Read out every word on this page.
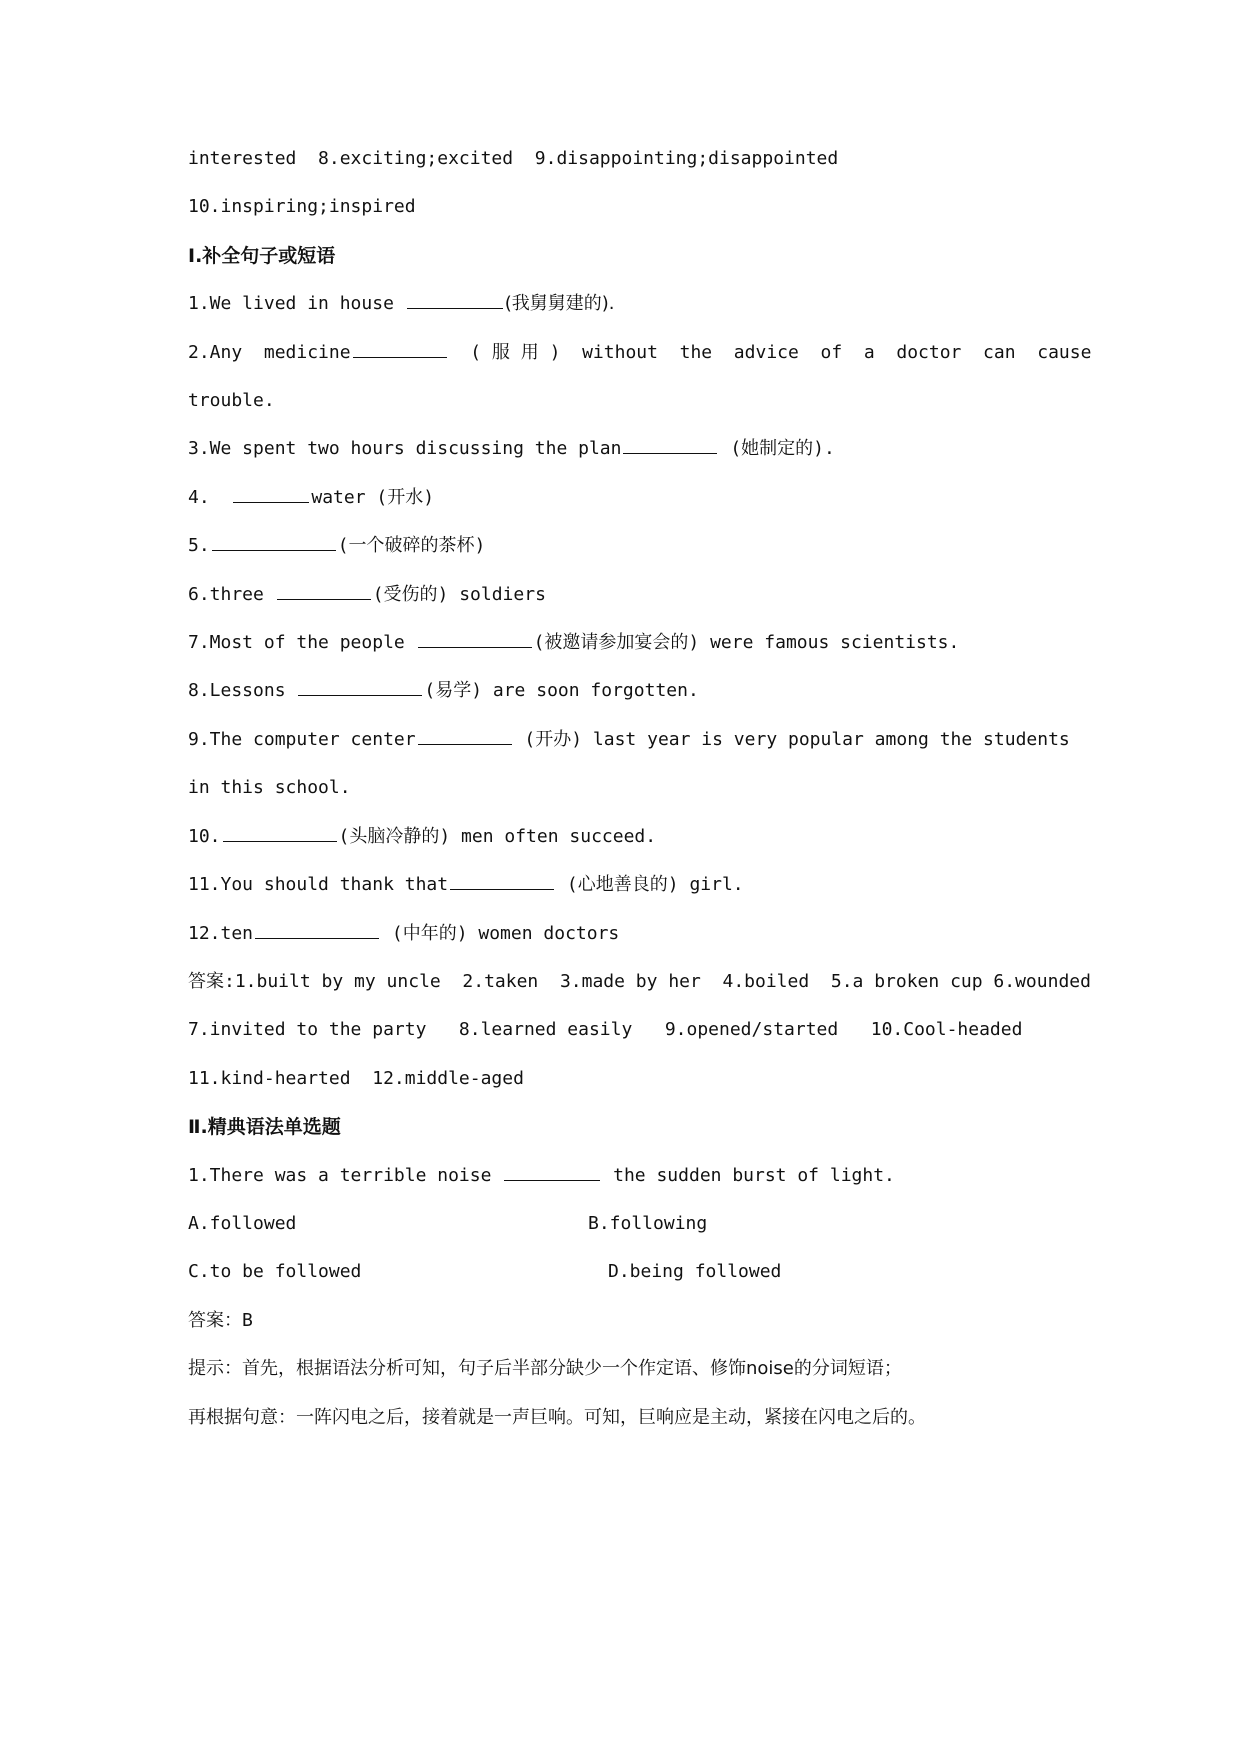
interested  8.exciting;excited  9.disappointing;disappointed
10.inspiring;inspired
Ⅰ.补全句子或短语
1.We lived in house	(我舅舅建的).
2.Any  medicine	( 服 用 )  without  the  advice  of  a  doctor  can  cause
trouble.
3.We spent two hours discussing the plan	(她制定的).
4.	water (开水)
5.	(一个破碎的茶杯)
6.three	(受伤的) soldiers
7.Most of the people	(被邀请参加宴会的) were famous scientists.
8.Lessons	(易学) are soon forgotten.
9.The computer center	(开办) last year is very popular among the students
in this school.
10.	(头脑冷静的) men often succeed.
11.You should thank that	(心地善良的) girl.
12.ten	(中年的) women doctors
答案:1.built by my uncle  2.taken  3.made by her  4.boiled  5.a broken cup 6.wounded
7.invited to the party   8.learned easily   9.opened/started   10.Cool-headed
11.kind-hearted  12.middle-aged
Ⅱ.精典语法单选题
1.There was a terrible noise	the sudden burst of light.
A.followed	B.following
C.to be followed	D.being followed
答案：B
提示：首先，根据语法分析可知，句子后半部分缺少一个作定语、修饰noise的分词短语；
再根据句意：一阵闪电之后，接着就是一声巨响。可知，巨响应是主动，紧接在闪电之后的。
